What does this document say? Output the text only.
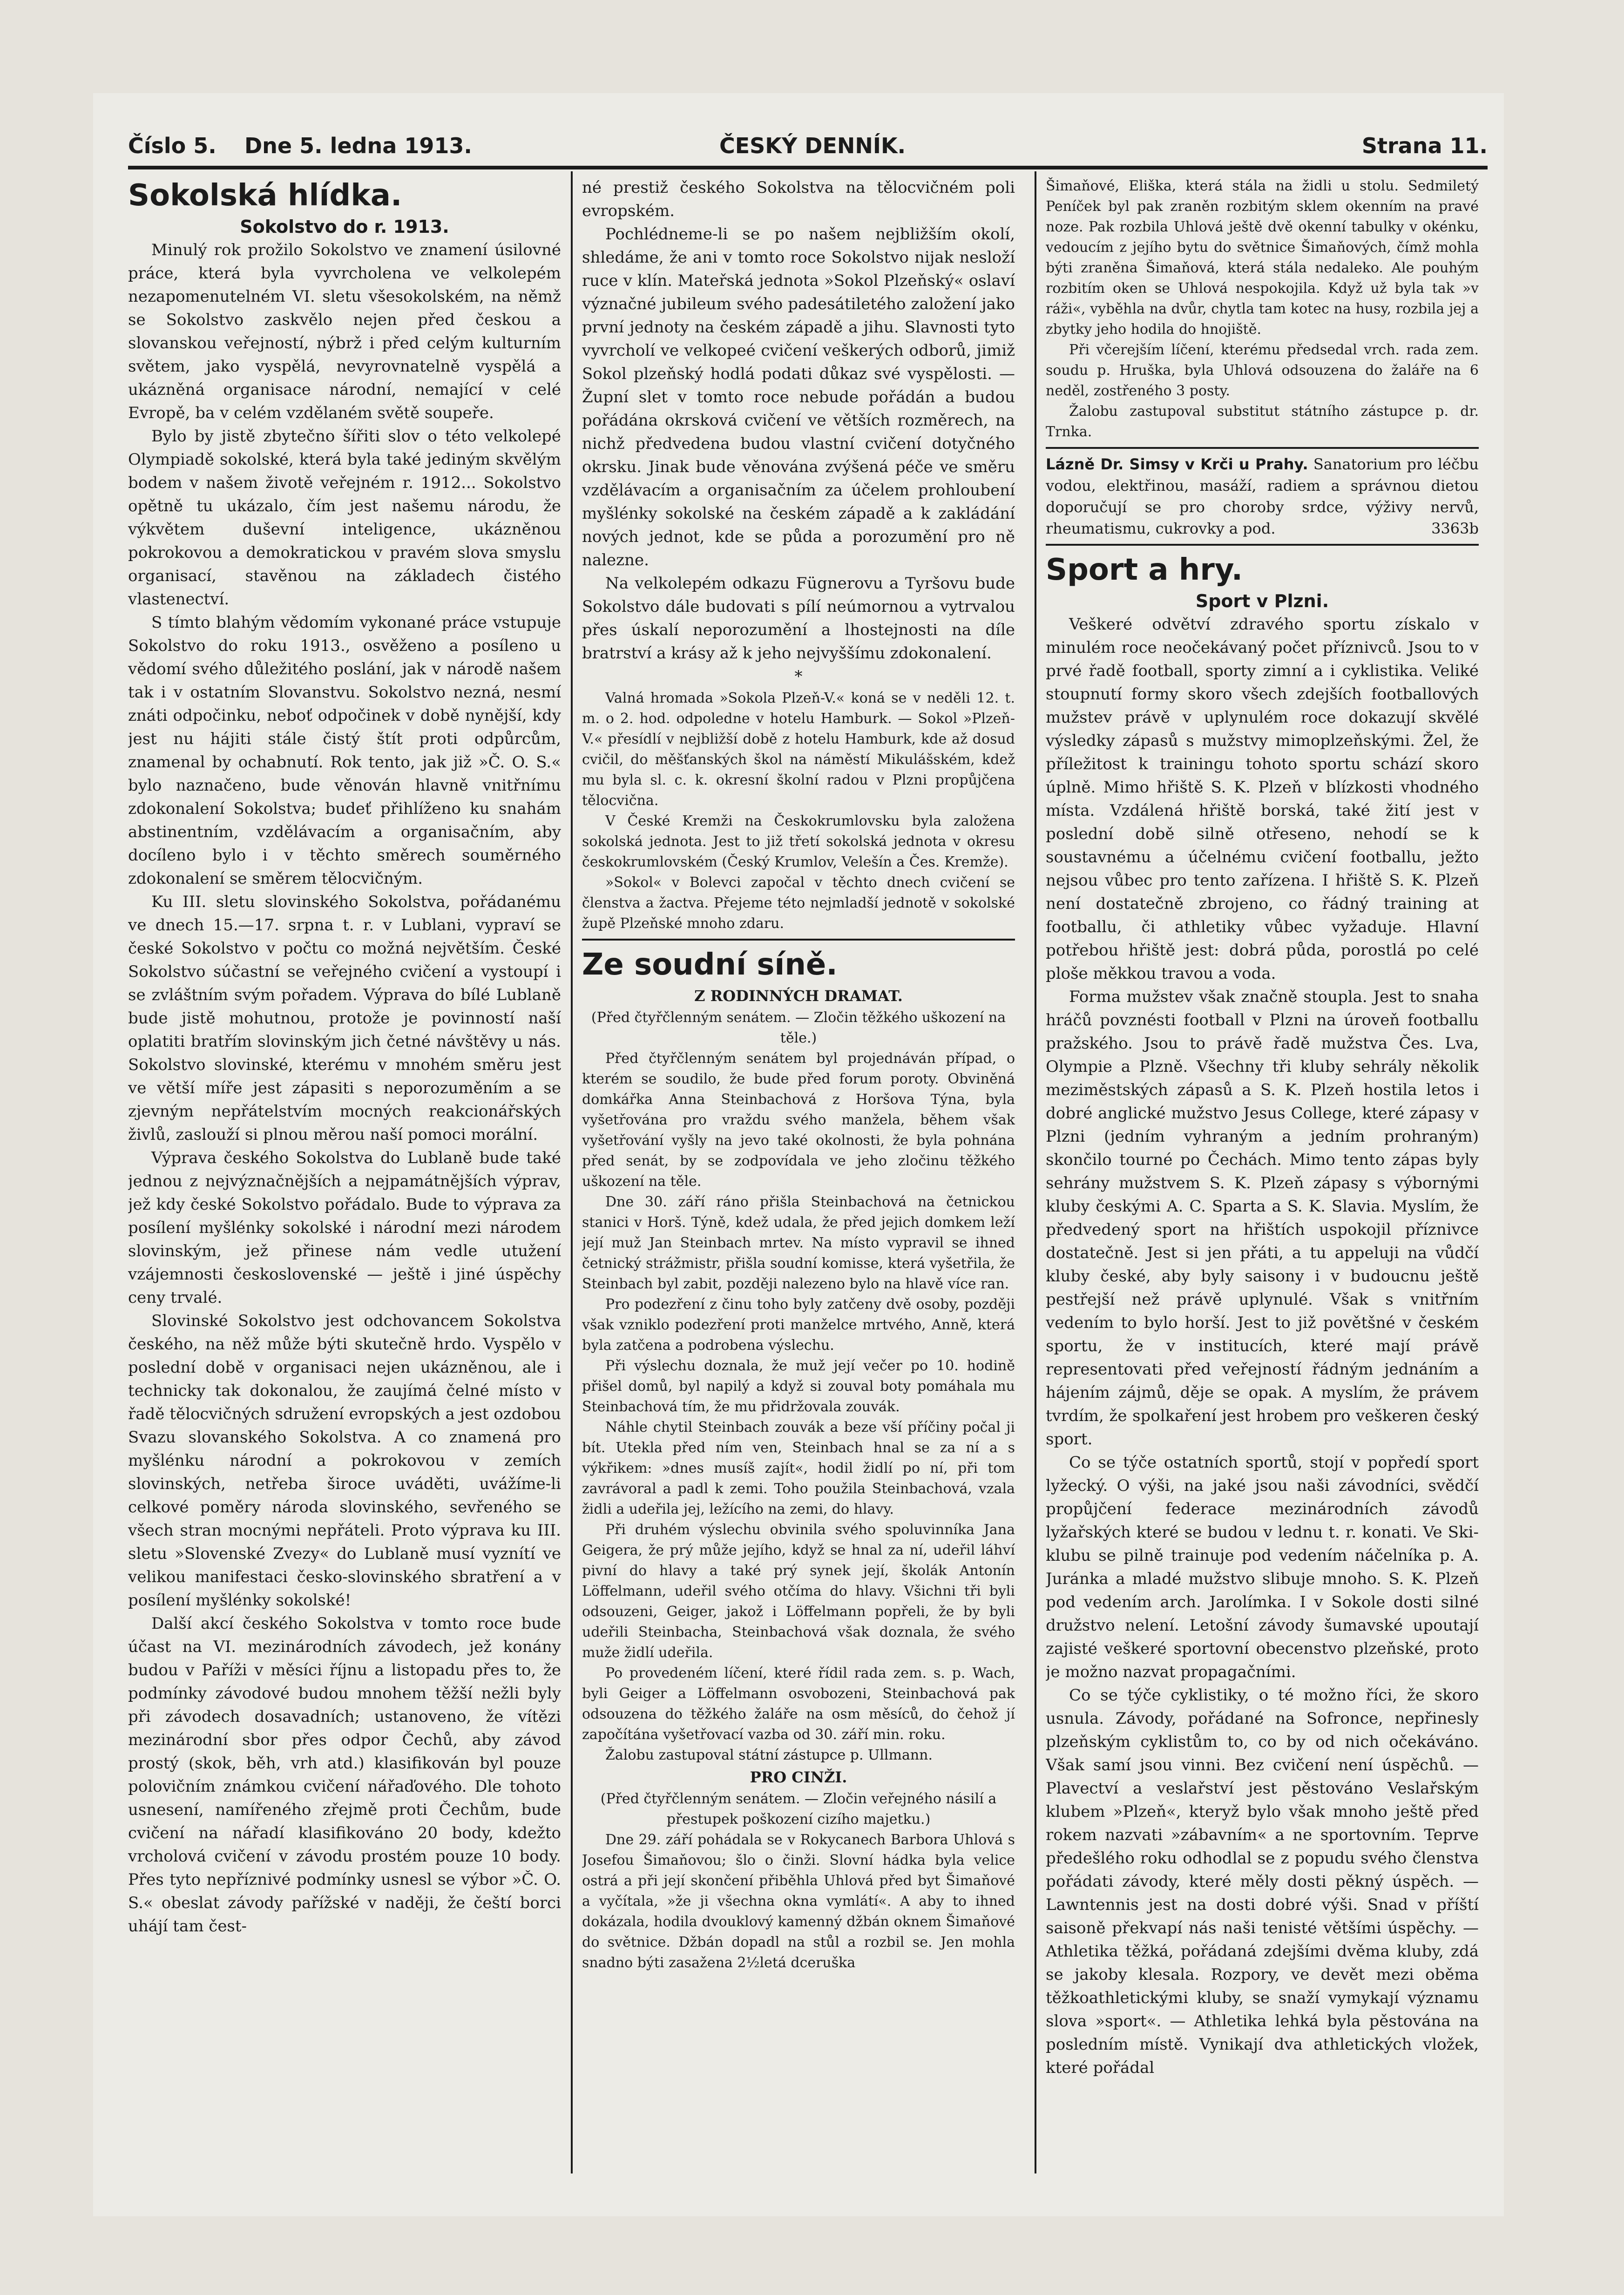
Číslo 5. Dne 5. ledna 1913.	ČESKÝ DENNÍK.	Strana 11.

Sokolská hlídka.

Sokolstvo do r. 1913.

Minulý rok prožilo Sokolstvo ve znamení úsilovné práce, která byla vyvrcholena ve velkolepém nezapomenutelném VI. sletu všesokolském, na němž se Sokolstvo zaskvělo nejen před českou a slovanskou veřejností, nýbrž i před celým kulturním světem, jako vyspělá, nevyrovnatelně vyspělá a ukázněná organisace národní, nemající v celé Evropě, ba v celém vzdělaném světě soupeře.

Bylo by jistě zbytečno šířiti slov o této velkolepé Olympiadě sokolské, která byla také jediným skvělým bodem v našem životě veřejném r. 1912... Sokolstvo opětně tu ukázalo, čím jest našemu národu, že výkvětem duševní inteligence, ukázněnou pokrokovou a demokratickou v pravém slova smyslu organisací, stavěnou na základech čistého vlastenectví.

S tímto blahým vědomím vykonané práce vstupuje Sokolstvo do roku 1913., osvěženo a posíleno u vědomí svého důležitého poslání, jak v národě našem tak i v ostatním Slovanstvu. Sokolstvo nezná, nesmí znáti odpočinku, neboť odpočinek v době nynější, kdy jest nu hájiti stále čistý štít proti odpůrcům, znamenal by ochabnutí. Rok tento, jak již »Č. O. S.« bylo naznačeno, bude věnován hlavně vnitřnímu zdokonalení Sokolstva; budeť přihlíženo ku snahám abstinentním, vzdělávacím a organisačním, aby docíleno bylo i v těchto směrech souměrného zdokonalení se směrem tělocvičným.

Ku III. sletu slovinského Sokolstva, pořádanému ve dnech 15.—17. srpna t. r. v Lublani, vypraví se české Sokolstvo v počtu co možná největším. České Sokolstvo súčastní se veřejného cvičení a vystoupí i se zvláštním svým pořadem. Výprava do bílé Lublaně bude jistě mohutnou, protože je povinností naší oplatiti bratřím slovinským jich četné návštěvy u nás. Sokolstvo slovinské, kterému v mnohém směru jest ve větší míře jest zápasiti s neporozuměním a se zjevným nepřátelstvím mocných reakcionářských živlů, zaslouží si plnou měrou naší pomoci morální.

Výprava českého Sokolstva do Lublaně bude také jednou z nejvýznačnějších a nejpamátnějších výprav, jež kdy české Sokolstvo pořádalo. Bude to výprava za posílení myšlénky sokolské i národní mezi národem slovinským, jež přinese nám vedle utužení vzájemnosti československé — ještě i jiné úspěchy ceny trvalé.

Slovinské Sokolstvo jest odchovancem Sokolstva českého, na něž může býti skutečně hrdo. Vyspělo v poslední době v organisaci nejen ukázněnou, ale i technicky tak dokonalou, že zaujímá čelné místo v řadě tělocvičných sdružení evropských a jest ozdobou Svazu slovanského Sokolstva. A co znamená pro myšlénku národní a pokrokovou v zemích slovinských, netřeba široce uváděti, uvážíme-li celkové poměry národa slovinského, sevřeného se všech stran mocnými nepřáteli. Proto výprava ku III. sletu »Slovenské Zvezy« do Lublaně musí vyznítí ve velikou manifestaci česko-slovinského sbratření a v posílení myšlénky sokolské!

Další akcí českého Sokolstva v tomto roce bude účast na VI. mezinárodních závodech, jež konány budou v Paříži v měsíci říjnu a listopadu přes to, že podmínky závodové budou mnohem těžší nežli byly při závodech dosavadních; ustanoveno, že vítězi mezinárodní sbor přes odpor Čechů, aby závod prostý (skok, běh, vrh atd.) klasifikován byl pouze polovičním známkou cvičení nářaďového. Dle tohoto usnesení, namířeného zřejmě proti Čechům, bude cvičení na nářadí klasifikováno 20 body, kdežto vrcholová cvičení v závodu prostém pouze 10 body. Přes tyto nepříznivé podmínky usnesl se výbor »Č. O. S.« obeslat závody pařížské v naději, že čeští borci uhájí tam čest-

né prestiž českého Sokolstva na tělocvičném poli evropském.

Pochlédneme-li se po našem nejbližším okolí, shledáme, že ani v tomto roce Sokolstvo nijak nesloží ruce v klín. Mateřská jednota »Sokol Plzeňský« oslaví význačné jubileum svého padesátiletého založení jako první jednoty na českém západě a jihu. Slavnosti tyto vyvrcholí ve velkopeé cvičení veškerých odborů, jimiž Sokol plzeňský hodlá podati důkaz své vyspělosti. — Župní slet v tomto roce nebude pořádán a budou pořádána okrsková cvičení ve větších rozměrech, na nichž předvedena budou vlastní cvičení dotyčného okrsku. Jinak bude věnována zvýšená péče ve směru vzdělávacím a organisačním za účelem prohloubení myšlénky sokolské na českém západě a k zakládání nových jednot, kde se půda a porozumění pro ně nalezne.

Na velkolepém odkazu Fügnerovu a Tyršovu bude Sokolstvo dále budovati s pílí neúmornou a vytrvalou přes úskalí neporozumění a lhostejnosti na díle bratrství a krásy až k jeho nejvyššímu zdokonalení.

*

Valná hromada »Sokola Plzeň-V.« koná se v neděli 12. t. m. o 2. hod. odpoledne v hotelu Hamburk. — Sokol »Plzeň-V.« přesídlí v nejbližší době z hotelu Hamburk, kde až dosud cvičil, do měšťanských škol na náměstí Mikulášském, kdež mu byla sl. c. k. okresní školní radou v Plzni propůjčena tělocvična.

V České Kremži na Českokrumlovsku byla založena sokolská jednota. Jest to již třetí sokolská jednota v okresu českokrumlovském (Český Krumlov, Velešín a Čes. Kremže).

»Sokol« v Bolevci započal v těchto dnech cvičení se členstva a žactva. Přejeme této nejmladší jednotě v sokolské župě Plzeňské mnoho zdaru.

Ze soudní síně.

Z RODINNÝCH DRAMAT.

(Před čtyřčlenným senátem. — Zločin těžkého uškození na těle.)

Před čtyřčlenným senátem byl projednáván případ, o kterém se soudilo, že bude před forum poroty. Obviněná domkářka Anna Steinbachová z Horšova Týna, byla vyšetřována pro vraždu svého manžela, během však vyšetřování vyšly na jevo také okolnosti, že byla pohnána před senát, by se zodpovídala ve jeho zločinu těžkého uškození na těle.

Dne 30. září ráno přišla Steinbachová na četnickou stanici v Horš. Týně, kdež udala, že před jejich domkem leží její muž Jan Steinbach mrtev. Na místo vypravil se ihned četnický strážmistr, přišla soudní komisse, která vyšetřila, že Steinbach byl zabit, později nalezeno bylo na hlavě více ran.

Pro podezření z činu toho byly zatčeny dvě osoby, později však vzniklo podezření proti manželce mrtvého, Anně, která byla zatčena a podrobena výslechu.

Při výslechu doznala, že muž její večer po 10. hodině přišel domů, byl napilý a když si zouval boty pomáhala mu Steinbachová tím, že mu přidržovala zouvák.

Náhle chytil Steinbach zouvák a beze vší příčiny počal ji bít. Utekla před ním ven, Steinbach hnal se za ní a s výkřikem: »dnes musíš zajít«, hodil židlí po ní, při tom zavrávoral a padl k zemi. Toho použila Steinbachová, vzala židli a udeřila jej, ležícího na zemi, do hlavy.

Při druhém výslechu obvinila svého spoluvinníka Jana Geigera, že prý může jejího, když se hnal za ní, udeřil láhví pivní do hlavy a také prý synek její, školák Antonín Löffelmann, udeřil svého otčíma do hlavy. Všichni tři byli odsouzeni, Geiger, jakož i Löffelmann popřeli, že by byli udeřili Steinbacha, Steinbachová však doznala, že svého muže židlí udeřila.

Po provedeném líčení, které řídil rada zem. s. p. Wach, byli Geiger a Löffelmann osvobozeni, Steinbachová pak odsouzena do těžkého žaláře na osm měsíců, do čehož jí započítána vyšetřovací vazba od 30. září min. roku.

Žalobu zastupoval státní zástupce p. Ullmann.

PRO CINŽI.

(Před čtyřčlenným senátem. — Zločin veřejného násilí a přestupek poškození cizího majetku.)

Dne 29. září pohádala se v Rokycanech Barbora Uhlová s Josefou Šimaňovou; šlo o činži. Slovní hádka byla velice ostrá a při její skončení přiběhla Uhlová před byt Šimaňové a vyčítala, »že ji všechna okna vymlátí«. A aby to ihned dokázala, hodila dvouklový kamenný džbán oknem Šimaňové do světnice. Džbán dopadl na stůl a rozbil se. Jen mohla snadno býti zasažena 2½letá dceruška

Šimaňové, Eliška, která stála na židli u stolu. Sedmiletý Peníček byl pak zraněn rozbitým sklem okenním na pravé noze. Pak rozbila Uhlová ještě dvě okenní tabulky v okénku, vedoucím z jejího bytu do světnice Šimaňových, čímž mohla býti zraněna Šimaňová, která stála nedaleko. Ale pouhým rozbitím oken se Uhlová nespokojila. Když už byla tak »v ráži«, vyběhla na dvůr, chytla tam kotec na husy, rozbila jej a zbytky jeho hodila do hnojiště.

Při včerejším líčení, kterému předsedal vrch. rada zem. soudu p. Hruška, byla Uhlová odsouzena do žaláře na 6 neděl, zostřeného 3 posty.

Žalobu zastupoval substitut státního zástupce p. dr. Trnka.

Lázně Dr. Simsy v Krči u Prahy. Sanatorium pro léčbu vodou, elektřinou, masáží, radiem a správnou dietou doporučují se pro choroby srdce, výživy nervů, rheumatismu, cukrovky a pod.	3363b

Sport a hry.

Sport v Plzni.

Veškeré odvětví zdravého sportu získalo v minulém roce neočekávaný počet příznivců. Jsou to v prvé řadě football, sporty zimní a i cyklistika. Veliké stoupnutí formy skoro všech zdejších footballových mužstev právě v uplynulém roce dokazují skvělé výsledky zápasů s mužstvy mimoplzeňskými. Žel, že příležitost k trainingu tohoto sportu schází skoro úplně. Mimo hřiště S. K. Plzeň v blízkosti vhodného místa. Vzdálená hřiště borská, také žití jest v poslední době silně otřeseno, nehodí se k soustavnému a účelnému cvičení footballu, ježto nejsou vůbec pro tento zařízena. I hřiště S. K. Plzeň není dostatečně zbrojeno, co řádný training at footballu, či athletiky vůbec vyžaduje. Hlavní potřebou hřiště jest: dobrá půda, porostlá po celé ploše měkkou travou a voda.

Forma mužstev však značně stoupla. Jest to snaha hráčů povznésti football v Plzni na úroveň footballu pražského. Jsou to právě řadě mužstva Čes. Lva, Olympie a Plzně. Všechny tři kluby sehrály několik meziměstských zápasů a S. K. Plzeň hostila letos i dobré anglické mužstvo Jesus College, které zápasy v Plzni (jedním vyhraným a jedním prohraným) skončilo tourné po Čechách. Mimo tento zápas byly sehrány mužstvem S. K. Plzeň zápasy s výbornými kluby českými A. C. Sparta a S. K. Slavia. Myslím, že předvedený sport na hřištích uspokojil příznivce dostatečně. Jest si jen přáti, a tu appeluji na vůdčí kluby české, aby byly saisony i v budoucnu ještě pestřejší než právě uplynulé. Však s vnitřním vedením to bylo horší. Jest to již povětšné v českém sportu, že v institucích, které mají právě representovati před veřejností řádným jednáním a hájením zájmů, děje se opak. A myslím, že právem tvrdím, že spolkaření jest hrobem pro veškeren český sport.

Co se týče ostatních sportů, stojí v popředí sport lyžecký. O výši, na jaké jsou naši závodníci, svědčí propůjčení federace mezinárodních závodů lyžařských které se budou v lednu t. r. konati. Ve Ski-klubu se pilně trainuje pod vedením náčelníka p. A. Juránka a mladé mužstvo slibuje mnoho. S. K. Plzeň pod vedením arch. Jarolímka. I v Sokole dosti silné družstvo nelení. Letošní závody šumavské upoutají zajisté veškeré sportovní obecenstvo plzeňské, proto je možno nazvat propagačními.

Co se týče cyklistiky, o té možno říci, že skoro usnula. Závody, pořádané na Sofronce, nepřinesly plzeňským cyklistům to, co by od nich očekáváno. Však samí jsou vinni. Bez cvičení není úspěchů. — Plavectví a veslařství jest pěstováno Veslařským klubem »Plzeň«, kteryž bylo však mnoho ještě před rokem nazvati »zábavním« a ne sportovním. Teprve předešlého roku odhodlal se z popudu svého členstva pořádati závody, které měly dosti pěkný úspěch. — Lawntennis jest na dosti dobré výši. Snad v příští saisoně překvapí nás naši tenisté většími úspěchy. — Athletika těžká, pořádaná zdejšími dvěma kluby, zdá se jakoby klesala. Rozpory, ve devět mezi oběma těžkoathletickými kluby, se snaží vymykají významu slova »sport«. — Athletika lehká byla pěstována na posledním místě. Vynikají dva athletických vložek, které pořádal
